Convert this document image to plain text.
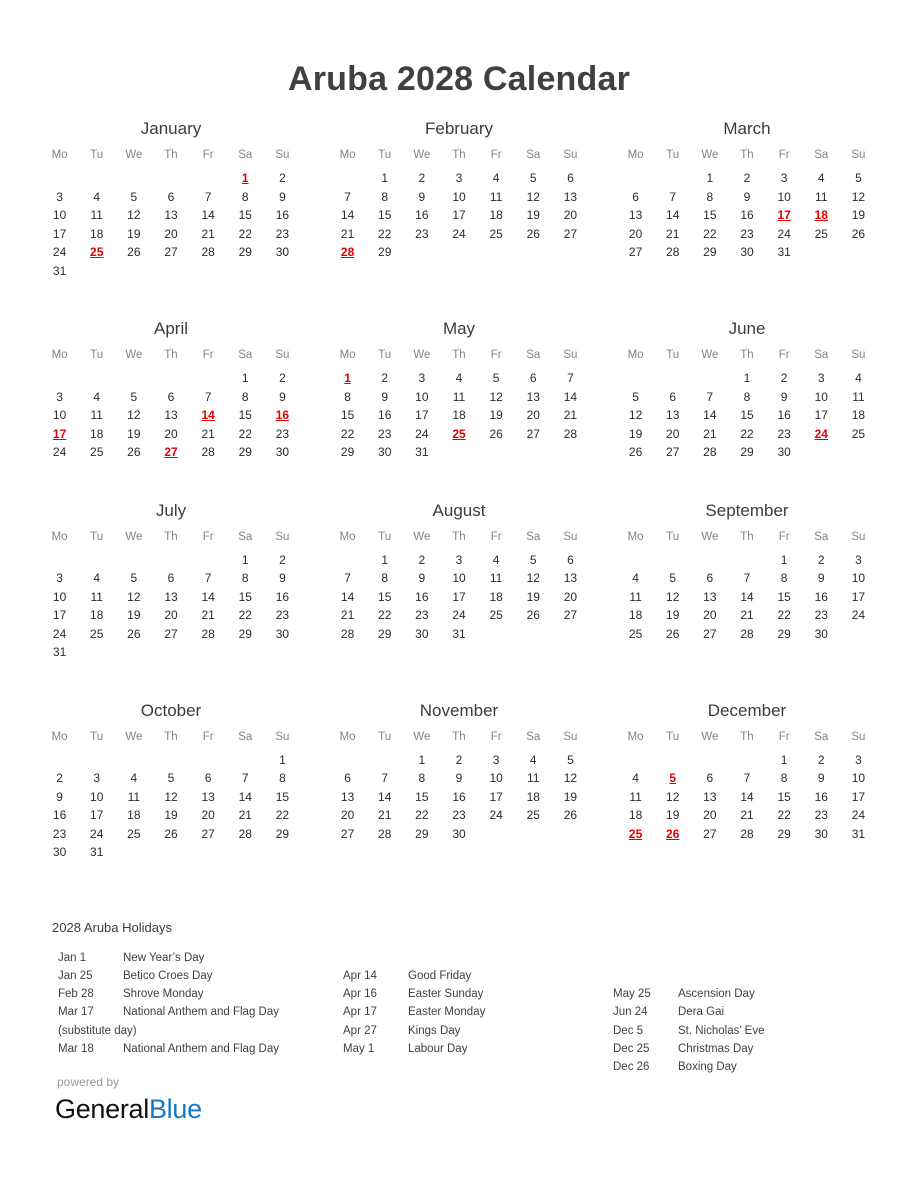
Aruba 2028 Calendar
January
Mo	Tu	We	Th	Fr	Sa	Su
					1	2
3	4	5	6	7	8	9
10	11	12	13	14	15	16
17	18	19	20	21	22	23
24	25	26	27	28	29	30
31						
February
Mo	Tu	We	Th	Fr	Sa	Su
	1	2	3	4	5	6
7	8	9	10	11	12	13
14	15	16	17	18	19	20
21	22	23	24	25	26	27
28	29					
March
Mo	Tu	We	Th	Fr	Sa	Su
		1	2	3	4	5
6	7	8	9	10	11	12
13	14	15	16	17	18	19
20	21	22	23	24	25	26
27	28	29	30	31		
April
Mo	Tu	We	Th	Fr	Sa	Su
					1	2
3	4	5	6	7	8	9
10	11	12	13	14	15	16
17	18	19	20	21	22	23
24	25	26	27	28	29	30
May
Mo	Tu	We	Th	Fr	Sa	Su
1	2	3	4	5	6	7
8	9	10	11	12	13	14
15	16	17	18	19	20	21
22	23	24	25	26	27	28
29	30	31				
June
Mo	Tu	We	Th	Fr	Sa	Su
			1	2	3	4
5	6	7	8	9	10	11
12	13	14	15	16	17	18
19	20	21	22	23	24	25
26	27	28	29	30		
July
Mo	Tu	We	Th	Fr	Sa	Su
					1	2
3	4	5	6	7	8	9
10	11	12	13	14	15	16
17	18	19	20	21	22	23
24	25	26	27	28	29	30
31						
August
Mo	Tu	We	Th	Fr	Sa	Su
	1	2	3	4	5	6
7	8	9	10	11	12	13
14	15	16	17	18	19	20
21	22	23	24	25	26	27
28	29	30	31			
September
Mo	Tu	We	Th	Fr	Sa	Su
				1	2	3
4	5	6	7	8	9	10
11	12	13	14	15	16	17
18	19	20	21	22	23	24
25	26	27	28	29	30	
October
Mo	Tu	We	Th	Fr	Sa	Su
						1
2	3	4	5	6	7	8
9	10	11	12	13	14	15
16	17	18	19	20	21	22
23	24	25	26	27	28	29
30	31					
November
Mo	Tu	We	Th	Fr	Sa	Su
		1	2	3	4	5
6	7	8	9	10	11	12
13	14	15	16	17	18	19
20	21	22	23	24	25	26
27	28	29	30			
December
Mo	Tu	We	Th	Fr	Sa	Su
				1	2	3
4	5	6	7	8	9	10
11	12	13	14	15	16	17
18	19	20	21	22	23	24
25	26	27	28	29	30	31
2028 Aruba Holidays
Jan 1	New Year’s Day
Jan 25	Betico Croes Day
Feb 28	Shrove Monday
Mar 17	National Anthem and Flag Day
(substitute day)

Mar 18	National Anthem and Flag Day

Apr 14	Good Friday
Apr 16	Easter Sunday
Apr 17	Easter Monday
Apr 27	Kings Day
May 1	Labour Day

May 25	Ascension Day
Jun 24	Dera Gai
Dec 5	St. Nicholas’ Eve
Dec 25	Christmas Day
Dec 26	Boxing Day
powered by
GeneralBlue
